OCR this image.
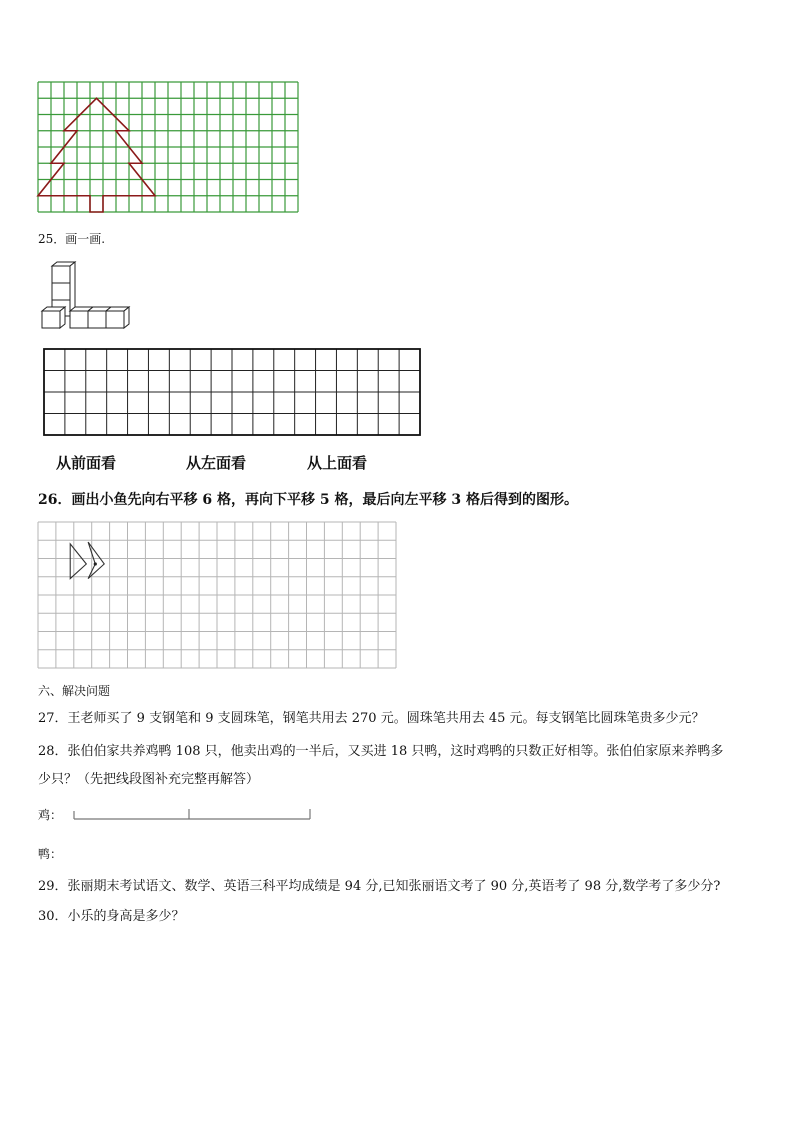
25．画一画.
从前面看	从左面看	从上面看
26．画出小鱼先向右平移 6 格，再向下平移 5 格，最后向左平移 3 格后得到的图形。
六、解决问题
27．王老师买了 9 支钢笔和 9 支圆珠笔，钢笔共用去 270 元。圆珠笔共用去 45 元。每支钢笔比圆珠笔贵多少元？
28．张伯伯家共养鸡鸭 108 只，他卖出鸡的一半后，又买进 18 只鸭，这时鸡鸭的只数正好相等。张伯伯家原来养鸭多
少只？（先把线段图补充完整再解答）
鸡：
鸭：
29．张丽期末考试语文、数学、英语三科平均成绩是 94 分,已知张丽语文考了 90 分,英语考了 98 分,数学考了多少分?
30．小乐的身高是多少？
